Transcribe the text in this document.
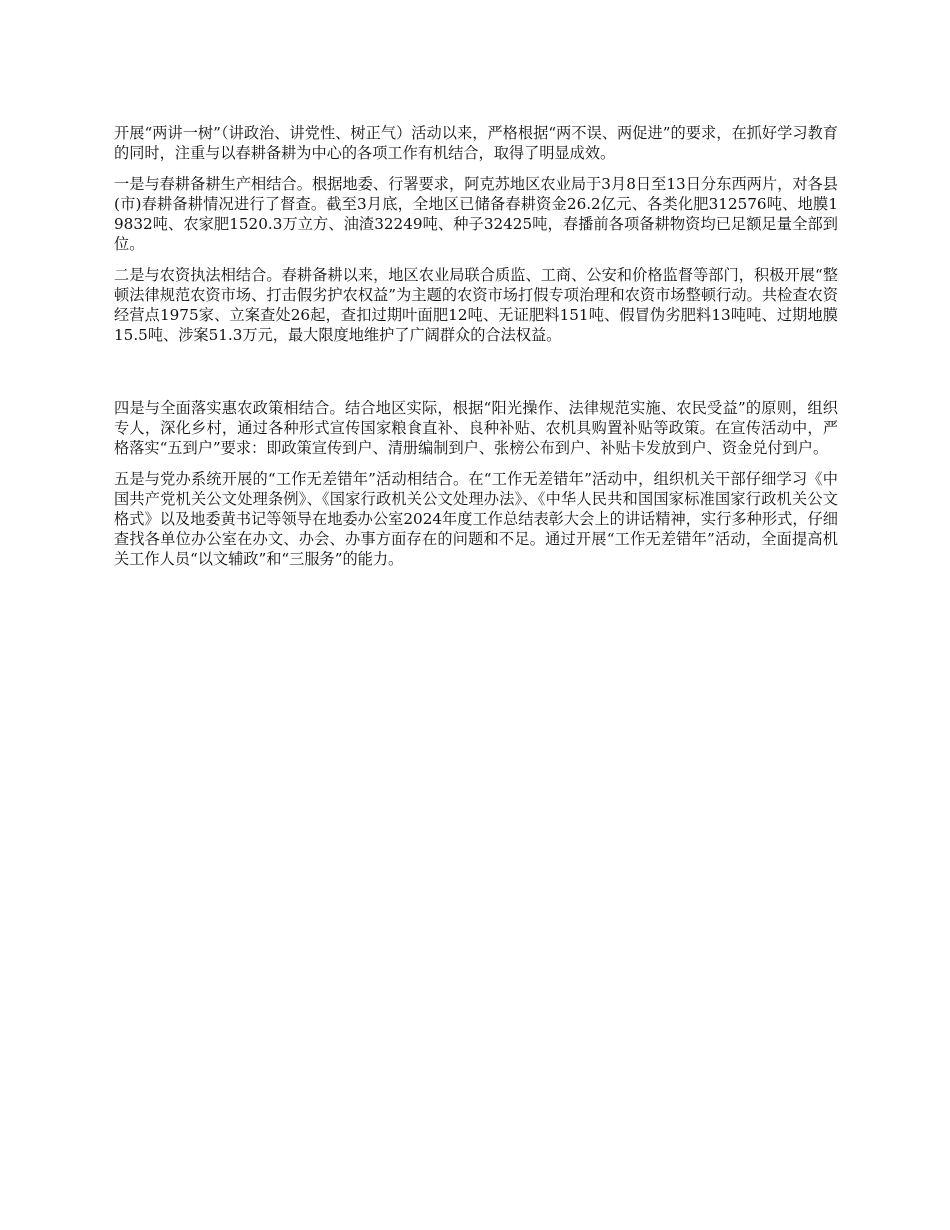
开展“两讲一树”（讲政治、讲党性、树正气）活动以来，严格根据“两不误、两促进”的要求，在抓好学习教育的同时，注重与以春耕备耕为中心的各项工作有机结合，取得了明显成效。

一是与春耕备耕生产相结合。根据地委、行署要求，阿克苏地区农业局于3月8日至13日分东西两片，对各县(市)春耕备耕情况进行了督查。截至3月底，全地区已储备春耕资金26.2亿元、各类化肥312576吨、地膜19832吨、农家肥1520.3万立方、油渣32249吨、种子32425吨，春播前各项备耕物资均已足额足量全部到位。

二是与农资执法相结合。春耕备耕以来，地区农业局联合质监、工商、公安和价格监督等部门，积极开展“整顿法律规范农资市场、打击假劣护农权益”为主题的农资市场打假专项治理和农资市场整顿行动。共检查农资经营点1975家、立案查处26起，查扣过期叶面肥12吨、无证肥料151吨、假冒伪劣肥料13吨吨、过期地膜15.5吨、涉案51.3万元，最大限度地维护了广阔群众的合法权益。

四是与全面落实惠农政策相结合。结合地区实际，根据“阳光操作、法律规范实施、农民受益”的原则，组织专人，深化乡村，通过各种形式宣传国家粮食直补、良种补贴、农机具购置补贴等政策。在宣传活动中，严格落实“五到户”要求：即政策宣传到户、清册编制到户、张榜公布到户、补贴卡发放到户、资金兑付到户。

五是与党办系统开展的“工作无差错年”活动相结合。在“工作无差错年”活动中，组织机关干部仔细学习《中国共产党机关公文处理条例》、《国家行政机关公文处理办法》、《中华人民共和国国家标准国家行政机关公文格式》以及地委黄书记等领导在地委办公室2024年度工作总结表彰大会上的讲话精神，实行多种形式，仔细查找各单位办公室在办文、办会、办事方面存在的问题和不足。通过开展“工作无差错年”活动，全面提高机关工作人员“以文辅政”和“三服务”的能力。
